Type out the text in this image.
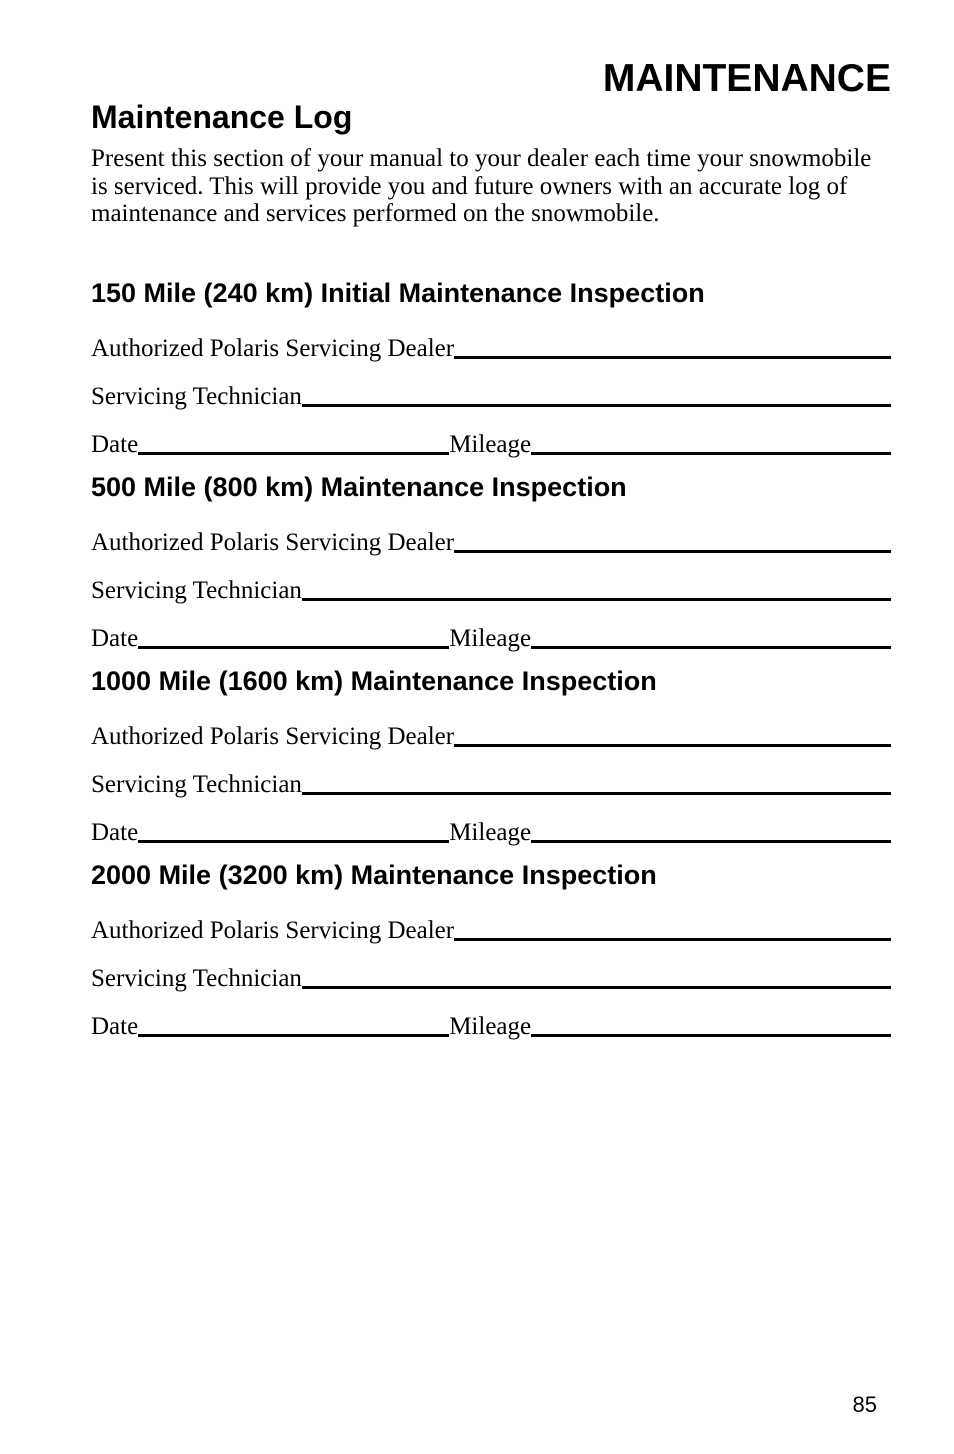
MAINTENANCE
Maintenance Log

Present this section of your manual to your dealer each time your snowmobile is serviced. This will provide you and future owners with an accurate log of maintenance and services performed on the snowmobile.

150 Mile (240 km) Initial Maintenance Inspection
Authorized Polaris Servicing Dealer
Servicing Technician
Date	Mileage
500 Mile (800 km) Maintenance Inspection
Authorized Polaris Servicing Dealer
Servicing Technician
Date	Mileage
1000 Mile (1600 km) Maintenance Inspection
Authorized Polaris Servicing Dealer
Servicing Technician
Date	Mileage
2000 Mile (3200 km) Maintenance Inspection
Authorized Polaris Servicing Dealer
Servicing Technician
Date	Mileage

85
